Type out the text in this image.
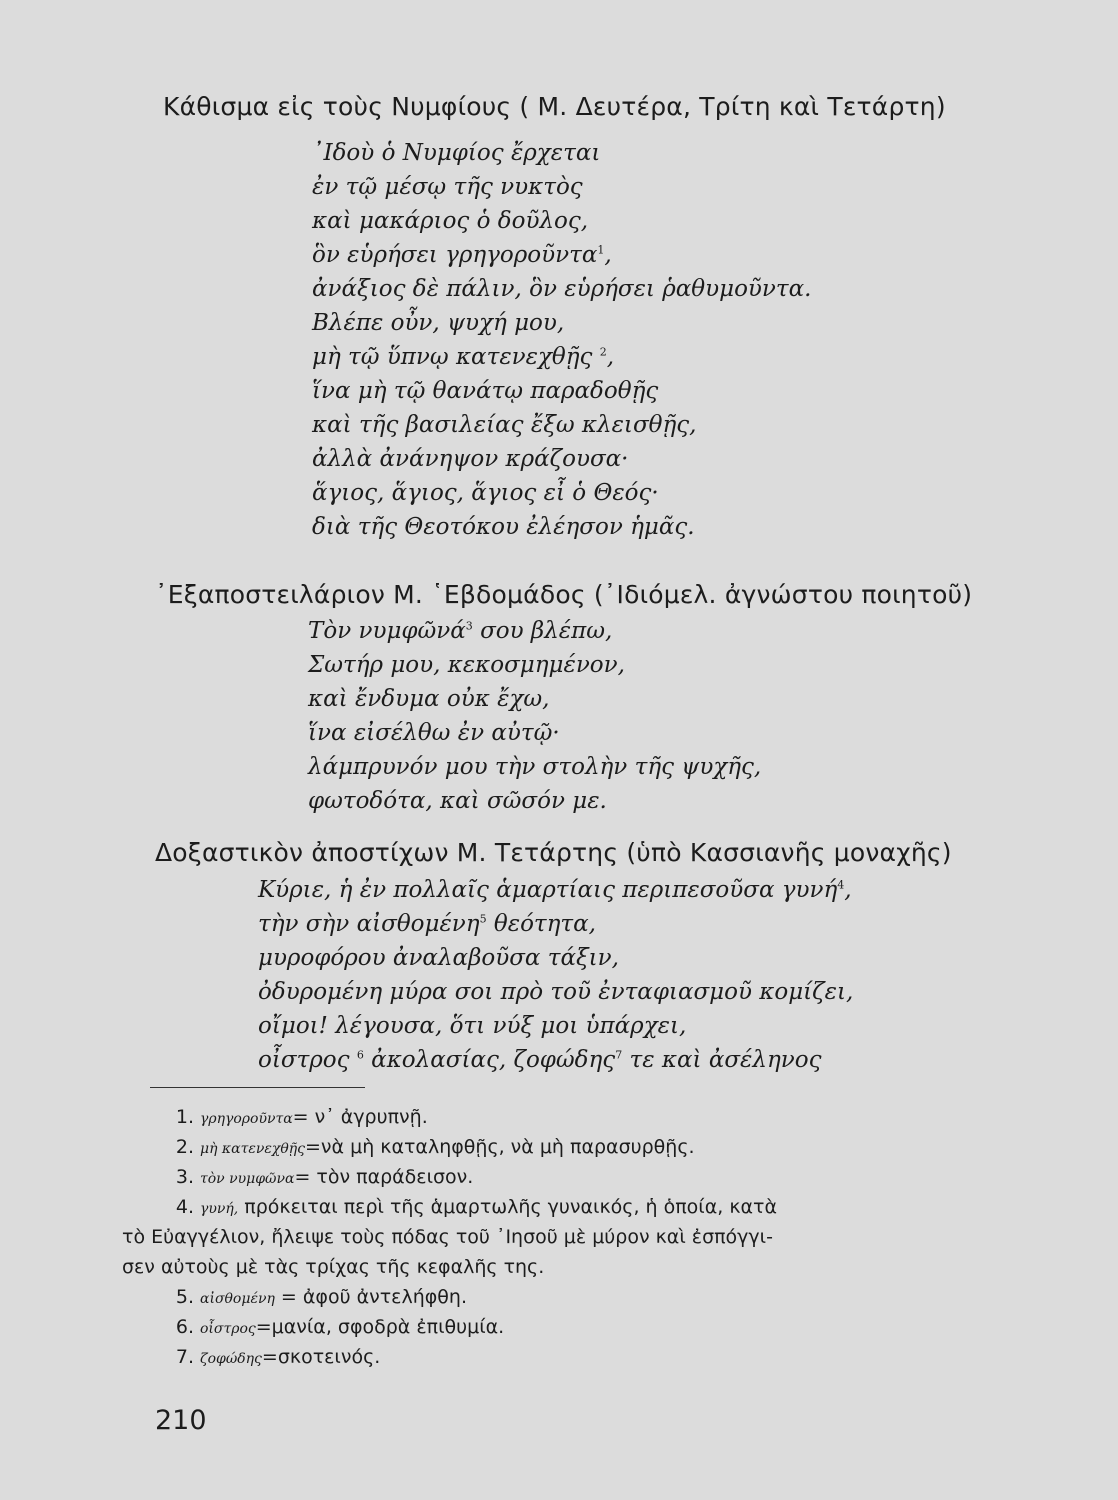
Κάθισμα εἰς τοὺς Νυμφίους ( Μ. Δευτέρα, Τρίτη καὶ Τετάρτη)
᾿Ιδοὺ ὁ Νυμφίος ἔρχεται
ἐν τῷ μέσῳ τῆς νυκτὸς
καὶ μακάριος ὁ δοῦλος,
ὃν εὑρήσει γρηγοροῦντα$^1$,
ἀνάξιος δὲ πάλιν, ὃν εὑρήσει ῥαθυμοῦντα.
Βλέπε οὖν, ψυχή μου,
μὴ τῷ ὕπνῳ κατενεχθῇς $^2$,
ἵνα μὴ τῷ θανάτῳ παραδοθῇς
καὶ τῆς βασιλείας ἔξω κλεισθῇς,
ἀλλὰ ἀνάνηψον κράζουσα·
ἅγιος, ἅγιος, ἅγιος εἶ ὁ Θεός·
διὰ τῆς Θεοτόκου ἐλέησον ἡμᾶς.
᾿Εξαποστειλάριον Μ. ῾Εβδομάδος (᾿Ιδιόμελ. ἀγνώστου ποιητοῦ)
Τὸν νυμφῶνά$^3$ σου βλέπω,
Σωτήρ μου, κεκοσμημένον,
καὶ ἔνδυμα οὐκ ἔχω,
ἵνα εἰσέλθω ἐν αὐτῷ·
λάμπρυνόν μου τὴν στολὴν τῆς ψυχῆς,
φωτοδότα, καὶ σῶσόν με.
Δοξαστικὸν ἀποστίχων Μ. Τετάρτης (ὑπὸ Κασσιανῆς μοναχῆς)
Κύριε, ἡ ἐν πολλαῖς ἁμαρτίαις περιπεσοῦσα γυνή$^4$,
τὴν σὴν αἰσθομένη$^5$ θεότητα,
μυροφόρου ἀναλαβοῦσα τάξιν,
ὀδυρομένη μύρα σοι πρὸ τοῦ ἐνταφιασμοῦ κομίζει,
οἴμοι! λέγουσα, ὅτι νύξ μοι ὑπάρχει,
οἶστρος $^6$ ἀκολασίας, ζοφώδης$^7$ τε καὶ ἀσέληνος
1. γρηγοροῦντα= ν᾿ ἀγρυπνῇ.
2. μὴ κατενεχθῇς=νὰ μὴ καταληφθῇς, νὰ μὴ παρασυρθῇς.
3. τὸν νυμφῶνα= τὸν παράδεισον.
4. γυνή, πρόκειται περὶ τῆς ἁμαρτωλῆς γυναικός, ἡ ὁποία, κατὰ
τὸ Εὐαγγέλιον, ἤλειψε τοὺς πόδας τοῦ ᾿Ιησοῦ μὲ μύρον καὶ ἐσπόγγι-
σεν αὐτοὺς μὲ τὰς τρίχας τῆς κεφαλῆς της.
5. αἰσθομένη = ἀφοῦ ἀντελήφθη.
6. οἶστρος=μανία, σφοδρὰ ἐπιθυμία.
7. ζοφώδης=σκοτεινός.
210
